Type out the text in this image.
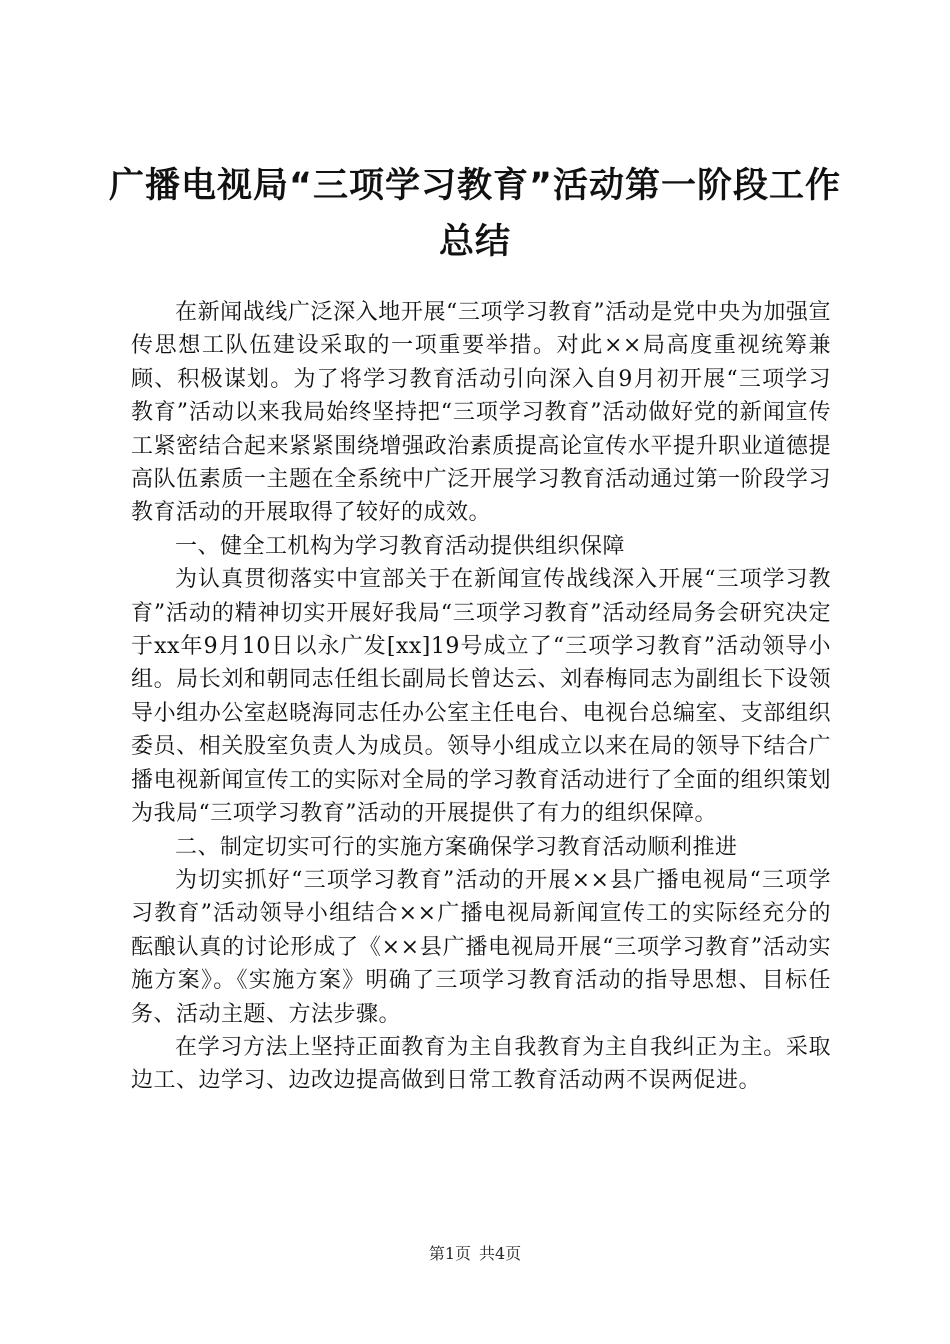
广播电视局“三项学习教育”活动第一阶段工作总结

在新闻战线广泛深入地开展“三项学习教育”活动是党中央为加强宣传思想工队伍建设采取的一项重要举措。对此××局高度重视统筹兼顾、积极谋划。为了将学习教育活动引向深入自9月初开展“三项学习教育”活动以来我局始终坚持把“三项学习教育”活动做好党的新闻宣传工紧密结合起来紧紧围绕增强政治素质提高论宣传水平提升职业道德提高队伍素质一主题在全系统中广泛开展学习教育活动通过第一阶段学习教育活动的开展取得了较好的成效。

一、健全工机构为学习教育活动提供组织保障

为认真贯彻落实中宣部关于在新闻宣传战线深入开展“三项学习教育”活动的精神切实开展好我局“三项学习教育”活动经局务会研究决定于xx年9月10日以永广发[xx]19号成立了“三项学习教育”活动领导小组。局长刘和朝同志任组长副局长曾达云、刘春梅同志为副组长下设领导小组办公室赵晓海同志任办公室主任电台、电视台总编室、支部组织委员、相关股室负责人为成员。领导小组成立以来在局的领导下结合广播电视新闻宣传工的实际对全局的学习教育活动进行了全面的组织策划为我局“三项学习教育”活动的开展提供了有力的组织保障。

二、制定切实可行的实施方案确保学习教育活动顺利推进

为切实抓好“三项学习教育”活动的开展××县广播电视局“三项学习教育”活动领导小组结合××广播电视局新闻宣传工的实际经充分的酝酿认真的讨论形成了《××县广播电视局开展“三项学习教育”活动实施方案》。《实施方案》明确了三项学习教育活动的指导思想、目标任务、活动主题、方法步骤。

在学习方法上坚持正面教育为主自我教育为主自我纠正为主。采取边工、边学习、边改边提高做到日常工教育活动两不误两促进。

第1页 共4页
